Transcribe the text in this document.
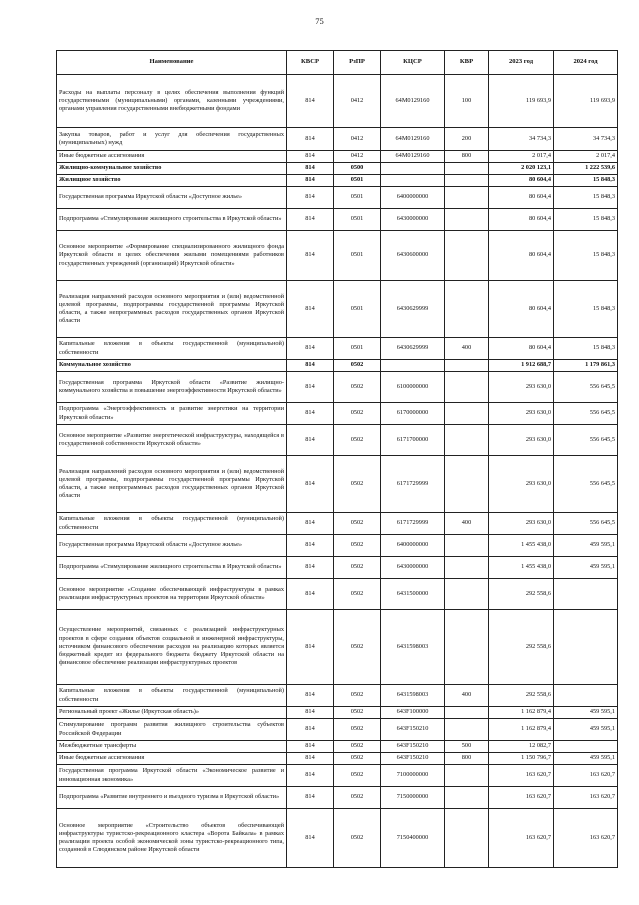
75
Наименование	КВСР	РзПР	КЦСР	КВР	2023 год	2024 год
Расходы на выплаты персоналу в целях обеспечения выполнения функций государственными (муниципальными) органами, казенными учреждениями, органами управления государственными внебюджетными фондами	814	0412	64М0129160	100	119 693,9	119 693,9
Закупка товаров, работ и услуг для обеспечения государственных (муниципальных) нужд	814	0412	64М0129160	200	34 734,3	34 734,3
Иные бюджетные ассигнования	814	0412	64М0129160	800	2 017,4	2 017,4
Жилищно-коммунальное хозяйство	814	0500			2 020 123,1	1 222 539,6
Жилищное хозяйство	814	0501			80 604,4	15 848,3
Государственная программа Иркутской области «Доступное жилье»	814	0501	6400000000		80 604,4	15 848,3
Подпрограмма «Стимулирование жилищного строительства в Иркутской области»	814	0501	6430000000		80 604,4	15 848,3
Основное мероприятие «Формирование специализированного жилищного фонда Иркутской области в целях обеспечения жилыми помещениями работников государственных учреждений (организаций) Иркутской области»	814	0501	6430600000		80 604,4	15 848,3
Реализация направлений расходов основного мероприятия и (или) ведомственной целевой программы, подпрограммы государственной программы Иркутской области, а также непрограммных расходов государственных органов Иркутской области	814	0501	6430629999		80 604,4	15 848,3
Капитальные вложения в объекты государственной (муниципальной) собственности	814	0501	6430629999	400	80 604,4	15 848,3
Коммунальное хозяйство	814	0502			1 912 688,7	1 179 861,3
Государственная программа Иркутской области «Развитие жилищно-коммунального хозяйства и повышение энергоэффективности Иркутской области»	814	0502	6100000000		293 630,0	556 645,5
Подпрограмма «Энергоэффективность и развитие энергетики на территории Иркутской области»	814	0502	6170000000		293 630,0	556 645,5
Основное мероприятие «Развитие энергетической инфраструктуры, находящейся в государственной собственности Иркутской области»	814	0502	6171700000		293 630,0	556 645,5
Реализация направлений расходов основного мероприятия и (или) ведомственной целевой программы, подпрограммы государственной программы Иркутской области, а также непрограммных расходов государственных органов Иркутской области	814	0502	6171729999		293 630,0	556 645,5
Капитальные вложения в объекты государственной (муниципальной) собственности	814	0502	6171729999	400	293 630,0	556 645,5
Государственная программа Иркутской области «Доступное жилье»	814	0502	6400000000		1 455 438,0	459 595,1
Подпрограмма «Стимулирование жилищного строительства в Иркутской области»	814	0502	6430000000		1 455 438,0	459 595,1
Основное мероприятие «Создание обеспечивающей инфраструктуры в рамках реализации инфраструктурных проектов на территории Иркутской области»	814	0502	6431500000		292 558,6	
Осуществление мероприятий, связанных с реализацией инфраструктурных проектов в сфере создания объектов социальной и инженерной инфраструктуры, источником финансового обеспечения расходов на реализацию которых является бюджетный кредит из федерального бюджета бюджету Иркутской области на финансовое обеспечение реализации инфраструктурных проектов	814	0502	6431598003		292 558,6	
Капитальные вложения в объекты государственной (муниципальной) собственности	814	0502	6431598003	400	292 558,6	
Региональный проект «Жилье (Иркутская область)»	814	0502	643F100000		1 162 879,4	459 595,1
Стимулирование программ развития жилищного строительства субъектов Российской Федерации	814	0502	643F150210		1 162 879,4	459 595,1
Межбюджетные трансферты	814	0502	643F150210	500	12 082,7	
Иные бюджетные ассигнования	814	0502	643F150210	800	1 150 796,7	459 595,1
Государственная программа Иркутской области «Экономическое развитие и инновационная экономика»	814	0502	7100000000		163 620,7	163 620,7
Подпрограмма «Развитие внутреннего и въездного туризма в Иркутской области»	814	0502	7150000000		163 620,7	163 620,7
Основное мероприятие «Строительство объектов обеспечивающей инфраструктуры туристско-рекреационного кластера «Ворота Байкала» в рамках реализации проекта особой экономической зоны туристско-рекреационного типа, созданной в Слюдянском районе Иркутской области	814	0502	7150400000		163 620,7	163 620,7
